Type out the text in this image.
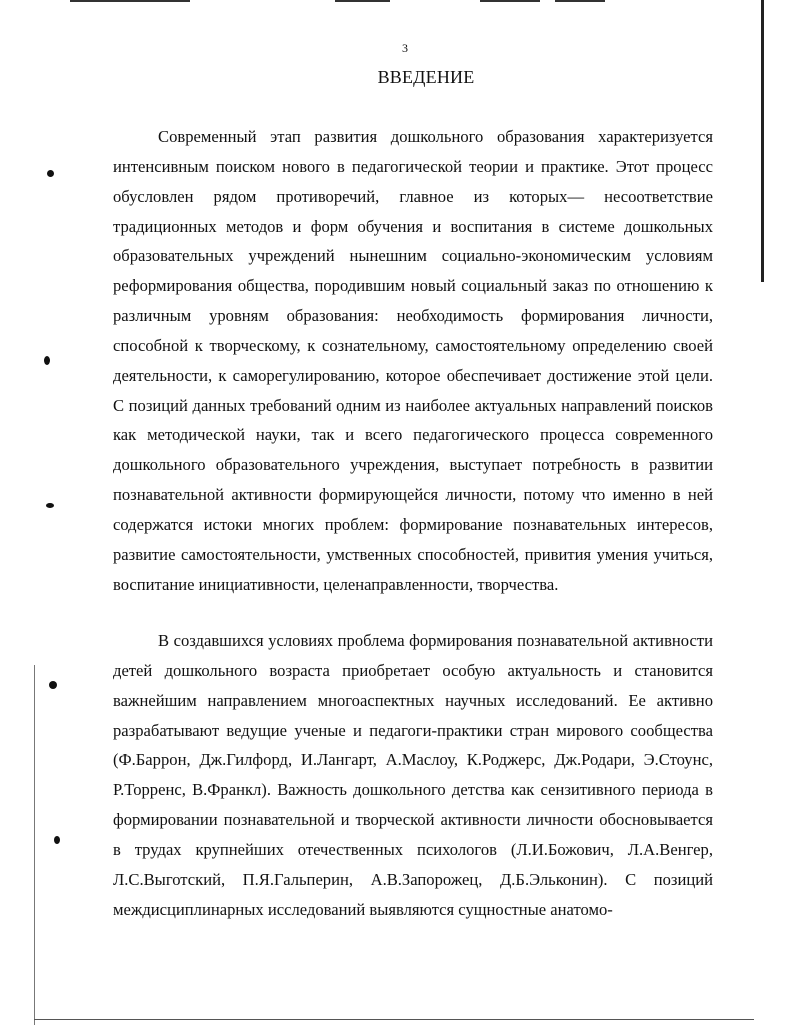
3
ВВЕДЕНИЕ

Современный этап развития дошкольного образования характеризуется интенсивным поиском нового в педагогической теории и практике. Этот процесс обусловлен рядом противоречий, главное из которых— несоответствие традиционных методов и форм обучения и воспитания в системе дошкольных образовательных учреждений нынешним социально-экономическим условиям реформирования общества, породившим новый социальный заказ по отношению к различным уровням образования: необходимость формирования личности, способной к творческому, к сознательному, самостоятельному определению своей деятельности, к саморегулированию, которое обеспечивает достижение этой цели. С позиций данных требований одним из наиболее актуальных направлений поисков как методической науки, так и всего педагогического процесса современного дошкольного образовательного учреждения, выступает потребность в развитии познавательной активности формирующейся личности, потому что именно в ней содержатся истоки многих проблем: формирование познавательных интересов, развитие самостоятельности, умственных способностей, привития умения учиться, воспитание инициативности, целенаправленности, творчества.

В создавшихся условиях проблема формирования познавательной активности детей дошкольного возраста приобретает особую актуальность и становится важнейшим направлением многоаспектных научных исследований. Ее активно разрабатывают ведущие ученые и педагоги-практики стран мирового сообщества (Ф.Баррон, Дж.Гилфорд, И.Лангарт, А.Маслоу, К.Роджерс, Дж.Родари, Э.Стоунс, Р.Торренс, В.Франкл). Важность дошкольного детства как сензитивного периода в формировании познавательной и творческой активности личности обосновывается в трудах крупнейших отечественных психологов (Л.И.Божович, Л.А.Венгер, Л.С.Выготский, П.Я.Гальперин, А.В.Запорожец, Д.Б.Эльконин). С позиций междисциплинарных исследований выявляются сущностные анатомо-
